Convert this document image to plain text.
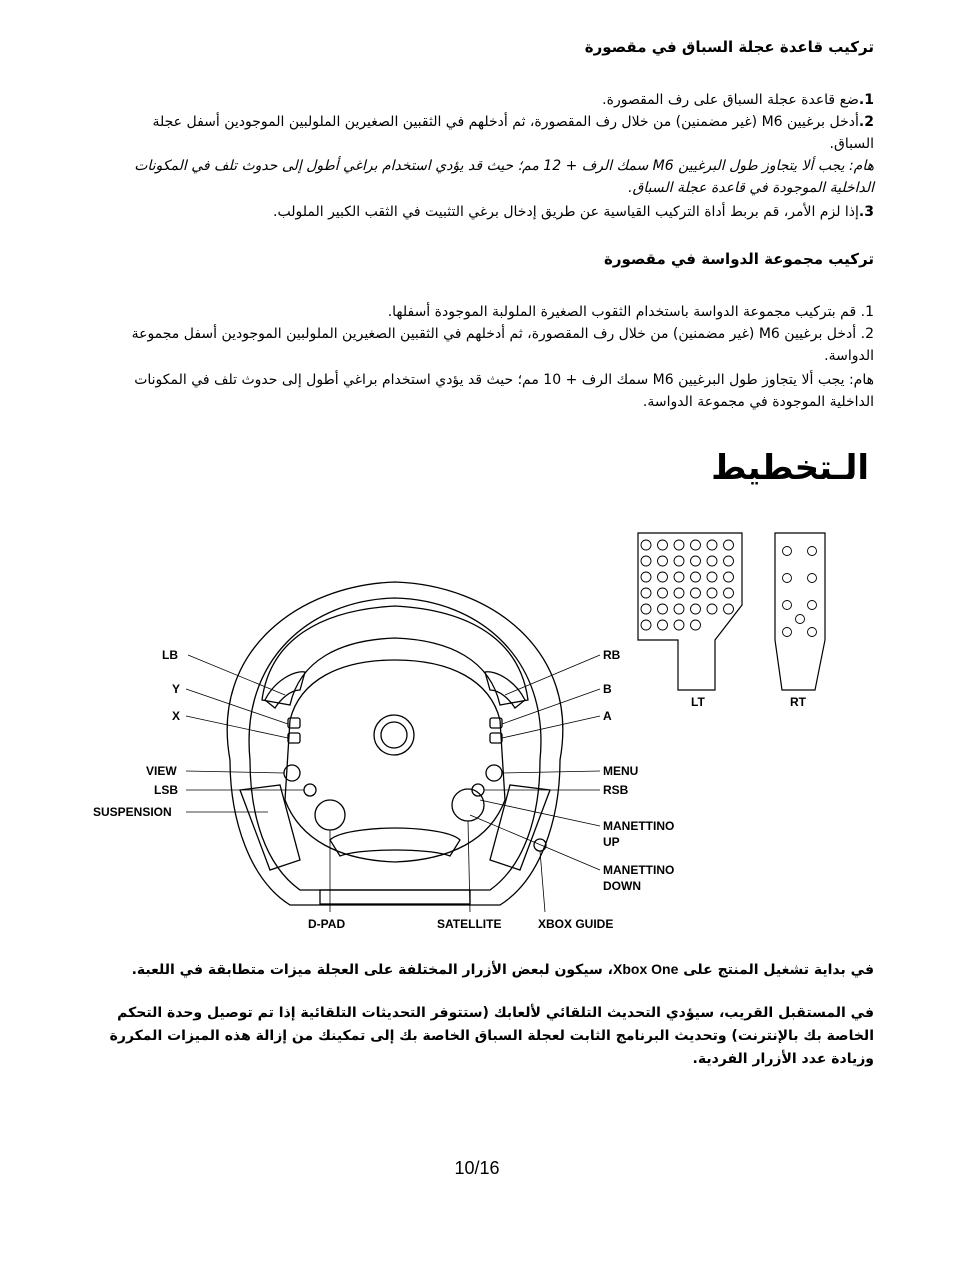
تركيب قاعدة عجلة السباق في مقصورة
1.ضع قاعدة عجلة السباق على رف المقصورة.
2.أدخل برغيين M6 (غير مضمنين) من خلال رف المقصورة، ثم أدخلهم في الثقبين الصغيرين الملولبين الموجودين أسفل عجلة السباق.
هام: يجب ألا يتجاوز طول البرغيين M6 سمك الرف + 12 مم؛ حيث قد يؤدي استخدام براغي أطول إلى حدوث تلف في المكونات الداخلية الموجودة في قاعدة عجلة السباق.
3.إذا لزم الأمر، قم بربط أداة التركيب القياسية عن طريق إدخال برغي التثبيت في الثقب الكبير الملولب.
تركيب مجموعة الدواسة في مقصورة
1. قم بتركيب مجموعة الدواسة باستخدام الثقوب الصغيرة الملولبة الموجودة أسفلها.
2. أدخل برغيين M6 (غير مضمنين) من خلال رف المقصورة، ثم أدخلهم في الثقبين الصغيرين الملولبين الموجودين أسفل مجموعة الدواسة.
هام: يجب ألا يتجاوز طول البرغيين M6 سمك الرف + 10 مم؛ حيث قد يؤدي استخدام براغي أطول إلى حدوث تلف في المكونات الداخلية الموجودة في مجموعة الدواسة.
الـتخطيط
LB
Y
X
VIEW
LSB
SUSPENSION
RB
B
A
MENU
RSB
MANETTINO
UP
MANETTINO
DOWN
D-PAD	SATELLITE	XBOX GUIDE
LT	RT
في بداية تشغيل المنتج على Xbox One، سيكون لبعض الأزرار المختلفة على العجلة ميزات متطابقة في اللعبة.
في المستقبل القريب، سيؤدي التحديث التلقائي لألعابك (ستتوفر التحديثات التلقائية إذا تم توصيل وحدة التحكم الخاصة بك بالإنترنت) وتحديث البرنامج الثابت لعجلة السباق الخاصة بك إلى تمكينك من إزالة هذه الميزات المكررة وزيادة عدد الأزرار الفردية.
10/16
